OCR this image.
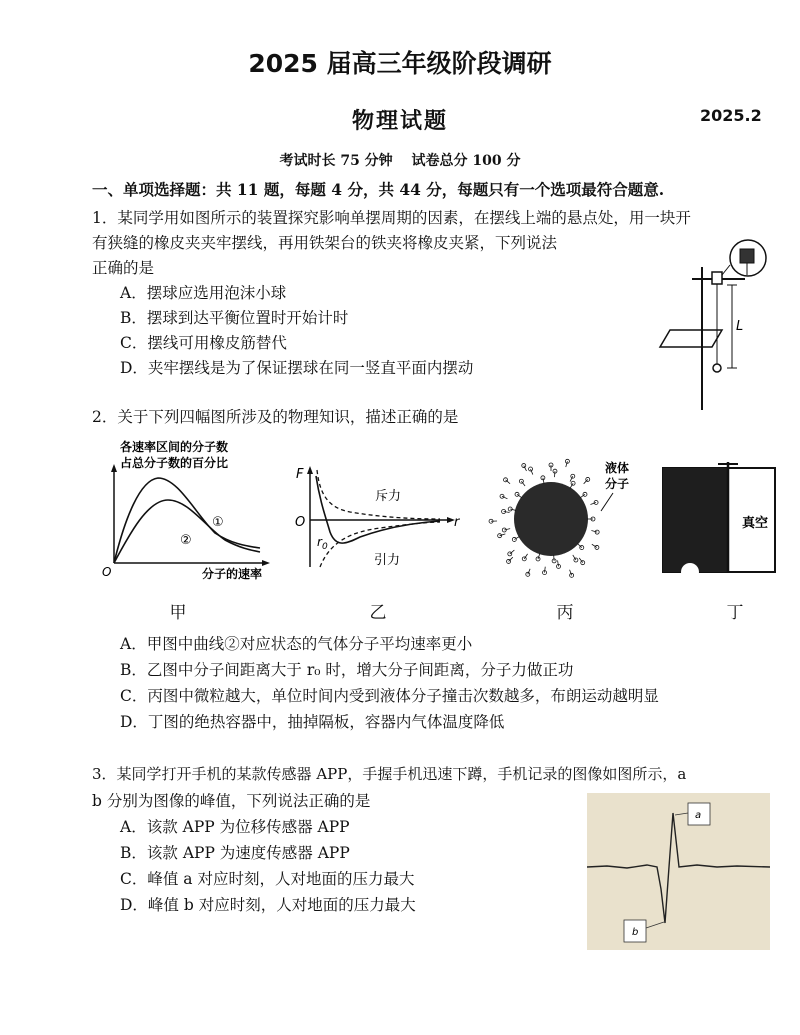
2025 届高三年级阶段调研
物理试题	2025.2
考试时长 75 分钟　 试卷总分 100 分
一、单项选择题：共 11 题，每题 4 分，共 44 分，每题只有一个选项最符合题意.
1．某同学用如图所示的装置探究影响单摆周期的因素，在摆线上端的悬点处，用一块开
有狭缝的橡皮夹夹牢摆线，再用铁架台的铁夹将橡皮夹紧，下列说法
正确的是
A．摆球应选用泡沫小球
B．摆球到达平衡位置时开始计时
C．摆线可用橡皮筋替代
D．夹牢摆线是为了保证摆球在同一竖直平面内摆动
L
2．关于下列四幅图所涉及的物理知识，描述正确的是
各速率区间的分子数
占总分子数的百分比
①
②
O	分子的速率
甲
F
r
O
$r_0$
斥力
引力
乙
液体
分子
丙
真空
丁
A．甲图中曲线②对应状态的气体分子平均速率更小
B．乙图中分子间距离大于 r₀ 时，增大分子间距离，分子力做正功
C．丙图中微粒越大，单位时间内受到液体分子撞击次数越多，布朗运动越明显
D．丁图的绝热容器中，抽掉隔板，容器内气体温度降低
3．某同学打开手机的某款传感器 APP，手握手机迅速下蹲，手机记录的图像如图所示，a
b 分别为图像的峰值，下列说法正确的是
A．该款 APP 为位移传感器 APP
B．该款 APP 为速度传感器 APP
C．峰值 a 对应时刻，人对地面的压力最大
D．峰值 b 对应时刻，人对地面的压力最大
a
b
